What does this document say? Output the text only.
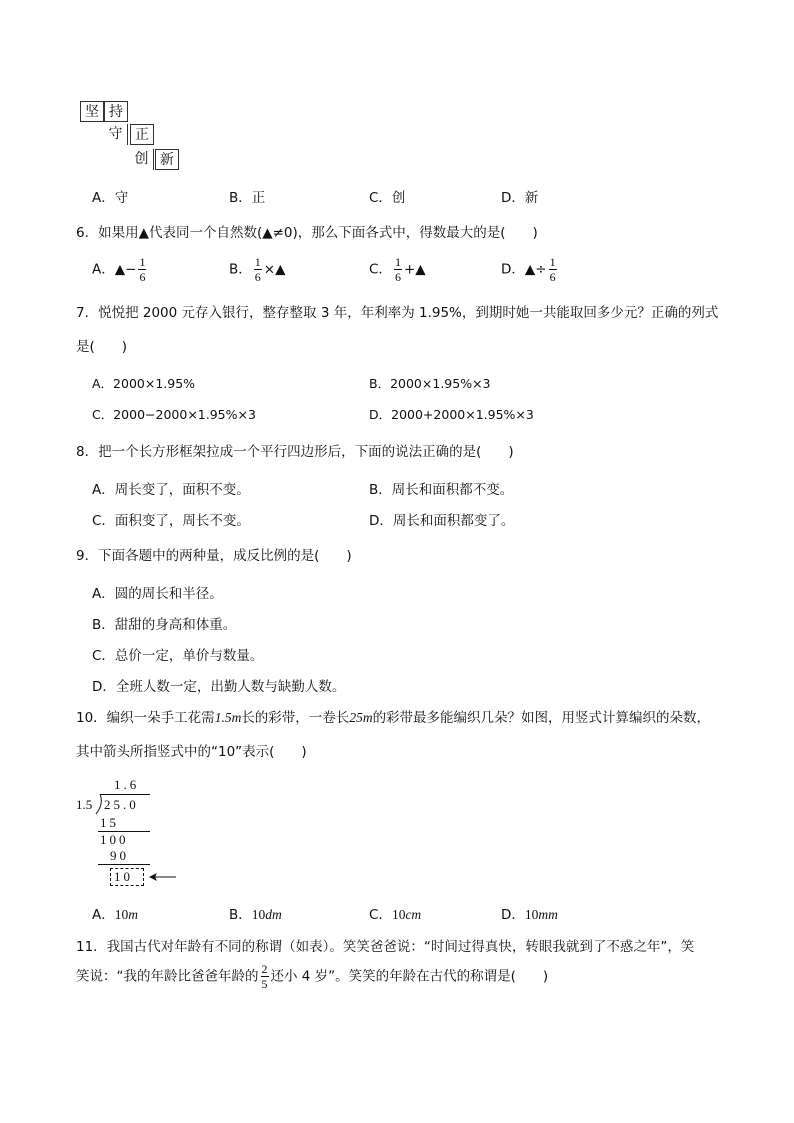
坚 持
守 正
创 新
A．守	B．正	C．创	D．新
6．如果用▲代表同一个自然数(▲≠0)，那么下面各式中，得数最大的是(　　)
A．▲− $\frac{1}{6}$	B． $\frac{1}{6}$ ×▲	C． $\frac{1}{6}$ +▲	D．▲÷ $\frac{1}{6}$
7．悦悦把 2000 元存入银行，整存整取 3 年，年利率为 1.95%，到期时她一共能取回多少元？正确的列式
是(　　)
A．2000×1.95%	B．2000×1.95%×3
C．2000−2000×1.95%×3	D．2000+2000×1.95%×3
8．把一个长方形框架拉成一个平行四边形后，下面的说法正确的是(　　)
A．周长变了，面积不变。	B．周长和面积都不变。
C．面积变了，周长不变。	D．周长和面积都变了。
9．下面各题中的两种量，成反比例的是(　　)
A．圆的周长和半径。
B．甜甜的身高和体重。
C．总价一定，单价与数量。
D．全班人数一定，出勤人数与缺勤人数。
10．编织一朵手工花需1.5m长的彩带，一卷长25m的彩带最多能编织几朵？如图，用竖式计算编织的朵数，
其中箭头所指竖式中的“10”表示(　　)
1.6
1.5 25.0
15
100
90
10
A．10m	B．10dm	C．10cm	D．10mm
11．我国古代对年龄有不同的称谓（如表）。笑笑爸爸说：“时间过得真快，转眼我就到了不惑之年”，笑
笑说：“我的年龄比爸爸年龄的 $\frac{2}{5}$ 还小 4 岁”。笑笑的年龄在古代的称谓是(　　)
